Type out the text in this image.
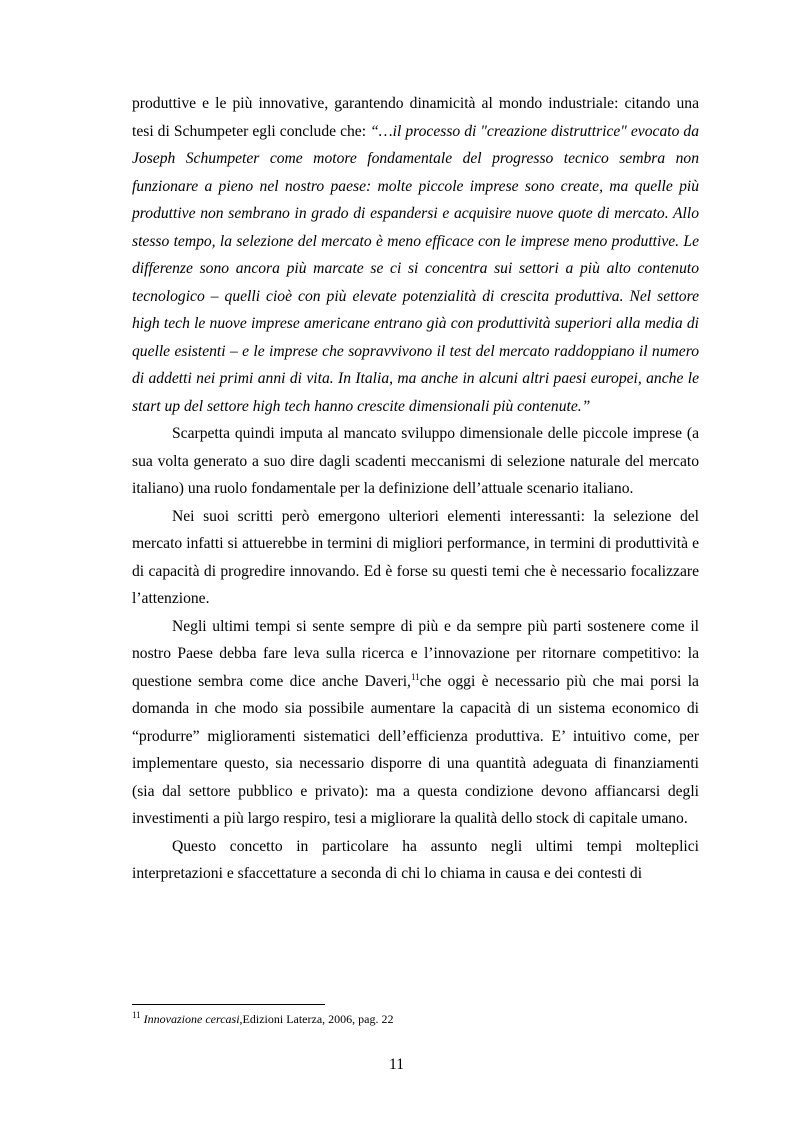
produttive e le più innovative, garantendo dinamicità al mondo industriale: citando una tesi di Schumpeter egli conclude che: “…il processo di "creazione distruttrice" evocato da Joseph Schumpeter come motore fondamentale del progresso tecnico sembra non funzionare a pieno nel nostro paese: molte piccole imprese sono create, ma quelle più produttive non sembrano in grado di espandersi e acquisire nuove quote di mercato. Allo stesso tempo, la selezione del mercato è meno efficace con le imprese meno produttive. Le differenze sono ancora più marcate se ci si concentra sui settori a più alto contenuto tecnologico – quelli cioè con più elevate potenzialità di crescita produttiva. Nel settore high tech le nuove imprese americane entrano già con produttività superiori alla media di quelle esistenti – e le imprese che sopravvivono il test del mercato raddoppiano il numero di addetti nei primi anni di vita. In Italia, ma anche in alcuni altri paesi europei, anche le start up del settore high tech hanno crescite dimensionali più contenute.”

Scarpetta quindi imputa al mancato sviluppo dimensionale delle piccole imprese (a sua volta generato a suo dire dagli scadenti meccanismi di selezione naturale del mercato italiano) una ruolo fondamentale per la definizione dell’attuale scenario italiano.

Nei suoi scritti però emergono ulteriori elementi interessanti: la selezione del mercato infatti si attuerebbe in termini di migliori performance, in termini di produttività e di capacità di progredire innovando. Ed è forse su questi temi che è necessario focalizzare l’attenzione.

Negli ultimi tempi si sente sempre di più e da sempre più parti sostenere come il nostro Paese debba fare leva sulla ricerca e l’innovazione per ritornare competitivo: la questione sembra come dice anche Daveri,$^{11}$che oggi è necessario più che mai porsi la domanda in che modo sia possibile aumentare la capacità di un sistema economico di “produrre” miglioramenti sistematici dell’efficienza produttiva. E’ intuitivo come, per implementare questo, sia necessario disporre di una quantità adeguata di finanziamenti (sia dal settore pubblico e privato): ma a questa condizione devono affiancarsi degli investimenti a più largo respiro, tesi a migliorare la qualità dello stock di capitale umano.

Questo concetto in particolare ha assunto negli ultimi tempi molteplici interpretazioni e sfaccettature a seconda di chi lo chiama in causa e dei contesti di

$^{11}$ Innovazione cercasi,Edizioni Laterza, 2006, pag. 22
11
